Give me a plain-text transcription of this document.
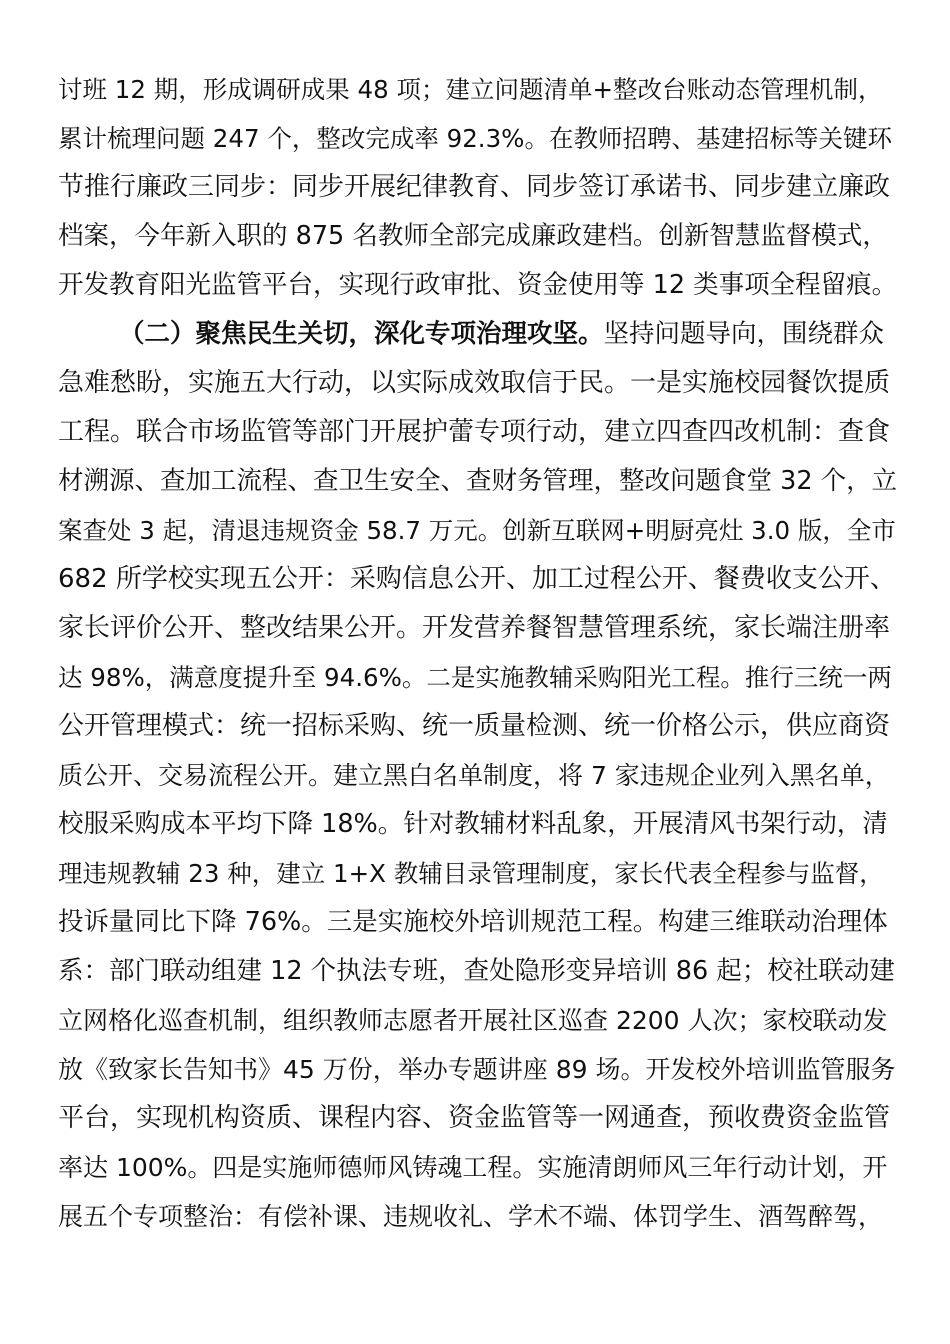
讨班 12 期，形成调研成果 48 项；建立问题清单+整改台账动态管理机制，
累计梳理问题 247 个，整改完成率 92.3%。在教师招聘、基建招标等关键环
节推行廉政三同步：同步开展纪律教育、同步签订承诺书、同步建立廉政
档案，今年新入职的 875 名教师全部完成廉政建档。创新智慧监督模式，
开发教育阳光监管平台，实现行政审批、资金使用等 12 类事项全程留痕。
（二）聚焦民生关切，深化专项治理攻坚。坚持问题导向，围绕群众
急难愁盼，实施五大行动，以实际成效取信于民。一是实施校园餐饮提质
工程。联合市场监管等部门开展护蕾专项行动，建立四查四改机制：查食
材溯源、查加工流程、查卫生安全、查财务管理，整改问题食堂 32 个，立
案查处 3 起，清退违规资金 58.7 万元。创新互联网+明厨亮灶 3.0 版，全市
682 所学校实现五公开：采购信息公开、加工过程公开、餐费收支公开、
家长评价公开、整改结果公开。开发营养餐智慧管理系统，家长端注册率
达 98%，满意度提升至 94.6%。二是实施教辅采购阳光工程。推行三统一两
公开管理模式：统一招标采购、统一质量检测、统一价格公示，供应商资
质公开、交易流程公开。建立黑白名单制度，将 7 家违规企业列入黑名单，
校服采购成本平均下降 18%。针对教辅材料乱象，开展清风书架行动，清
理违规教辅 23 种，建立 1+X 教辅目录管理制度，家长代表全程参与监督，
投诉量同比下降 76%。三是实施校外培训规范工程。构建三维联动治理体
系：部门联动组建 12 个执法专班，查处隐形变异培训 86 起；校社联动建
立网格化巡查机制，组织教师志愿者开展社区巡查 2200 人次；家校联动发
放《致家长告知书》45 万份，举办专题讲座 89 场。开发校外培训监管服务
平台，实现机构资质、课程内容、资金监管等一网通查，预收费资金监管
率达 100%。四是实施师德师风铸魂工程。实施清朗师风三年行动计划，开
展五个专项整治：有偿补课、违规收礼、学术不端、体罚学生、酒驾醉驾，
